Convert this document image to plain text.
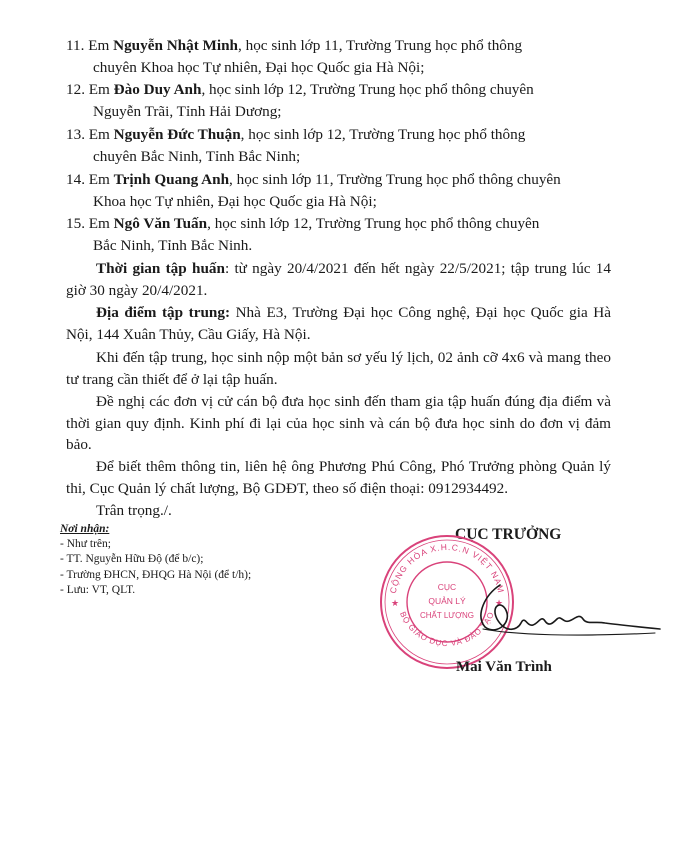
11. Em Nguyễn Nhật Minh, học sinh lớp 11, Trường Trung học phổ thông
chuyên Khoa học Tự nhiên, Đại học Quốc gia Hà Nội;
12. Em Đào Duy Anh, học sinh lớp 12, Trường Trung học phổ thông chuyên
Nguyễn Trãi, Tỉnh Hải Dương;
13. Em Nguyễn Đức Thuận, học sinh lớp 12, Trường Trung học phổ thông
chuyên Bắc Ninh, Tỉnh Bắc Ninh;
14. Em Trịnh Quang Anh, học sinh lớp 11, Trường Trung học phổ thông chuyên
Khoa học Tự nhiên, Đại học Quốc gia Hà Nội;
15. Em Ngô Văn Tuấn, học sinh lớp 12, Trường Trung học phổ thông chuyên
Bắc Ninh, Tỉnh Bắc Ninh.
Thời gian tập huấn: từ ngày 20/4/2021 đến hết ngày 22/5/2021; tập trung lúc 14 giờ 30 ngày 20/4/2021.
Địa điểm tập trung: Nhà E3, Trường Đại học Công nghệ, Đại học Quốc gia Hà Nội, 144 Xuân Thủy, Cầu Giấy, Hà Nội.
Khi đến tập trung, học sinh nộp một bản sơ yếu lý lịch, 02 ảnh cỡ 4x6 và mang theo tư trang cần thiết để ở lại tập huấn.
Đề nghị các đơn vị cử cán bộ đưa học sinh đến tham gia tập huấn đúng địa điểm và thời gian quy định. Kinh phí đi lại của học sinh và cán bộ đưa học sinh do đơn vị đảm bảo.
Để biết thêm thông tin, liên hệ ông Phương Phú Công, Phó Trưởng phòng Quản lý thi, Cục Quản lý chất lượng, Bộ GDĐT, theo số điện thoại: 0912934492.
Trân trọng./.
Nơi nhận:
- Như trên;
- TT. Nguyễn Hữu Độ (để b/c);
- Trường ĐHCN, ĐHQG Hà Nội (để t/h);
- Lưu: VT, QLT.
CỤC TRƯỞNG
CỘNG HÒA X.H.C.N VIỆT NAM
BỘ GIÁO DỤC VÀ ĐÀO TẠO
CỤC
QUẢN LÝ
CHẤT LƯỢNG
★	★
Mai Văn Trình
